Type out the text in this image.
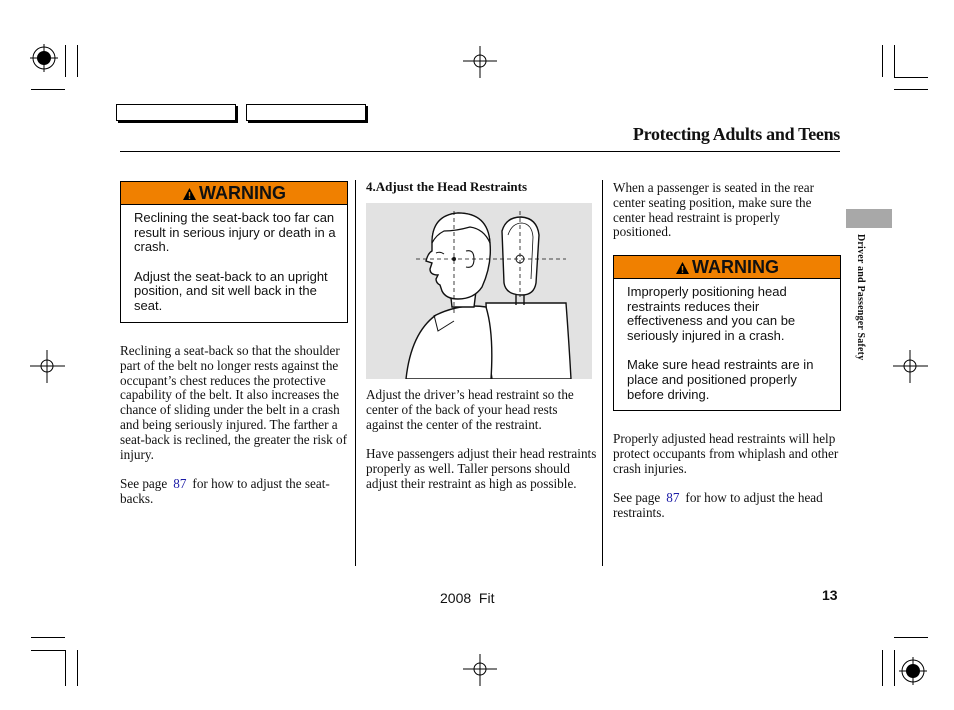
Protecting Adults and Teens
Driver and Passenger Safety
WARNING

Reclining the seat-back too far can result in serious injury or death in a crash.

Adjust the seat-back to an upright position, and sit well back in the seat.

Reclining a seat-back so that the shoulder part of the belt no longer rests against the occupant’s chest reduces the protective capability of the belt. It also increases the chance of sliding under the belt in a crash and being seriously injured. The farther a seat-back is reclined, the greater the risk of injury.

See page 87 for how to adjust the seat-backs.

4.Adjust the Head Restraints

Adjust the driver’s head restraint so the center of the back of your head rests against the center of the restraint.

Have passengers adjust their head restraints properly as well. Taller persons should adjust their restraint as high as possible.

When a passenger is seated in the rear center seating position, make sure the center head restraint is properly positioned.

WARNING

Improperly positioning head restraints reduces their effectiveness and you can be seriously injured in a crash.

Make sure head restraints are in place and positioned properly before driving.

Properly adjusted head restraints will help protect occupants from whiplash and other crash injuries.

See page 87 for how to adjust the head restraints.

2008  Fit	13
